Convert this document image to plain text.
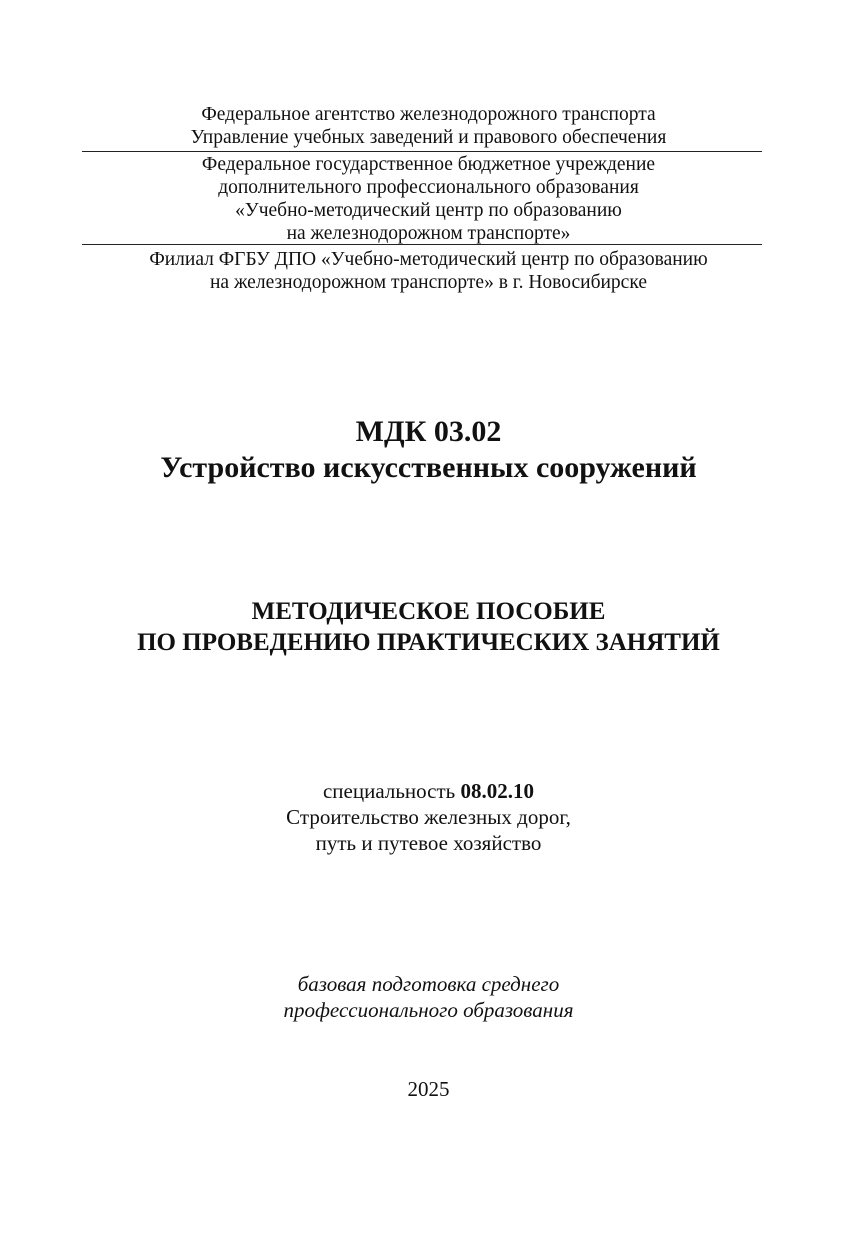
Федеральное агентство железнодорожного транспорта
Управление учебных заведений и правового обеспечения
Федеральное государственное бюджетное учреждение
дополнительного профессионального образования
«Учебно-методический центр по образованию
на железнодорожном транспорте»
Филиал ФГБУ ДПО «Учебно-методический центр по образованию
на железнодорожном транспорте» в г. Новосибирске
МДК 03.02
Устройство искусственных сооружений
МЕТОДИЧЕСКОЕ ПОСОБИЕ
ПО ПРОВЕДЕНИЮ ПРАКТИЧЕСКИХ ЗАНЯТИЙ
специальность 08.02.10
Строительство железных дорог,
путь и путевое хозяйство
базовая подготовка среднего
профессионального образования
2025
